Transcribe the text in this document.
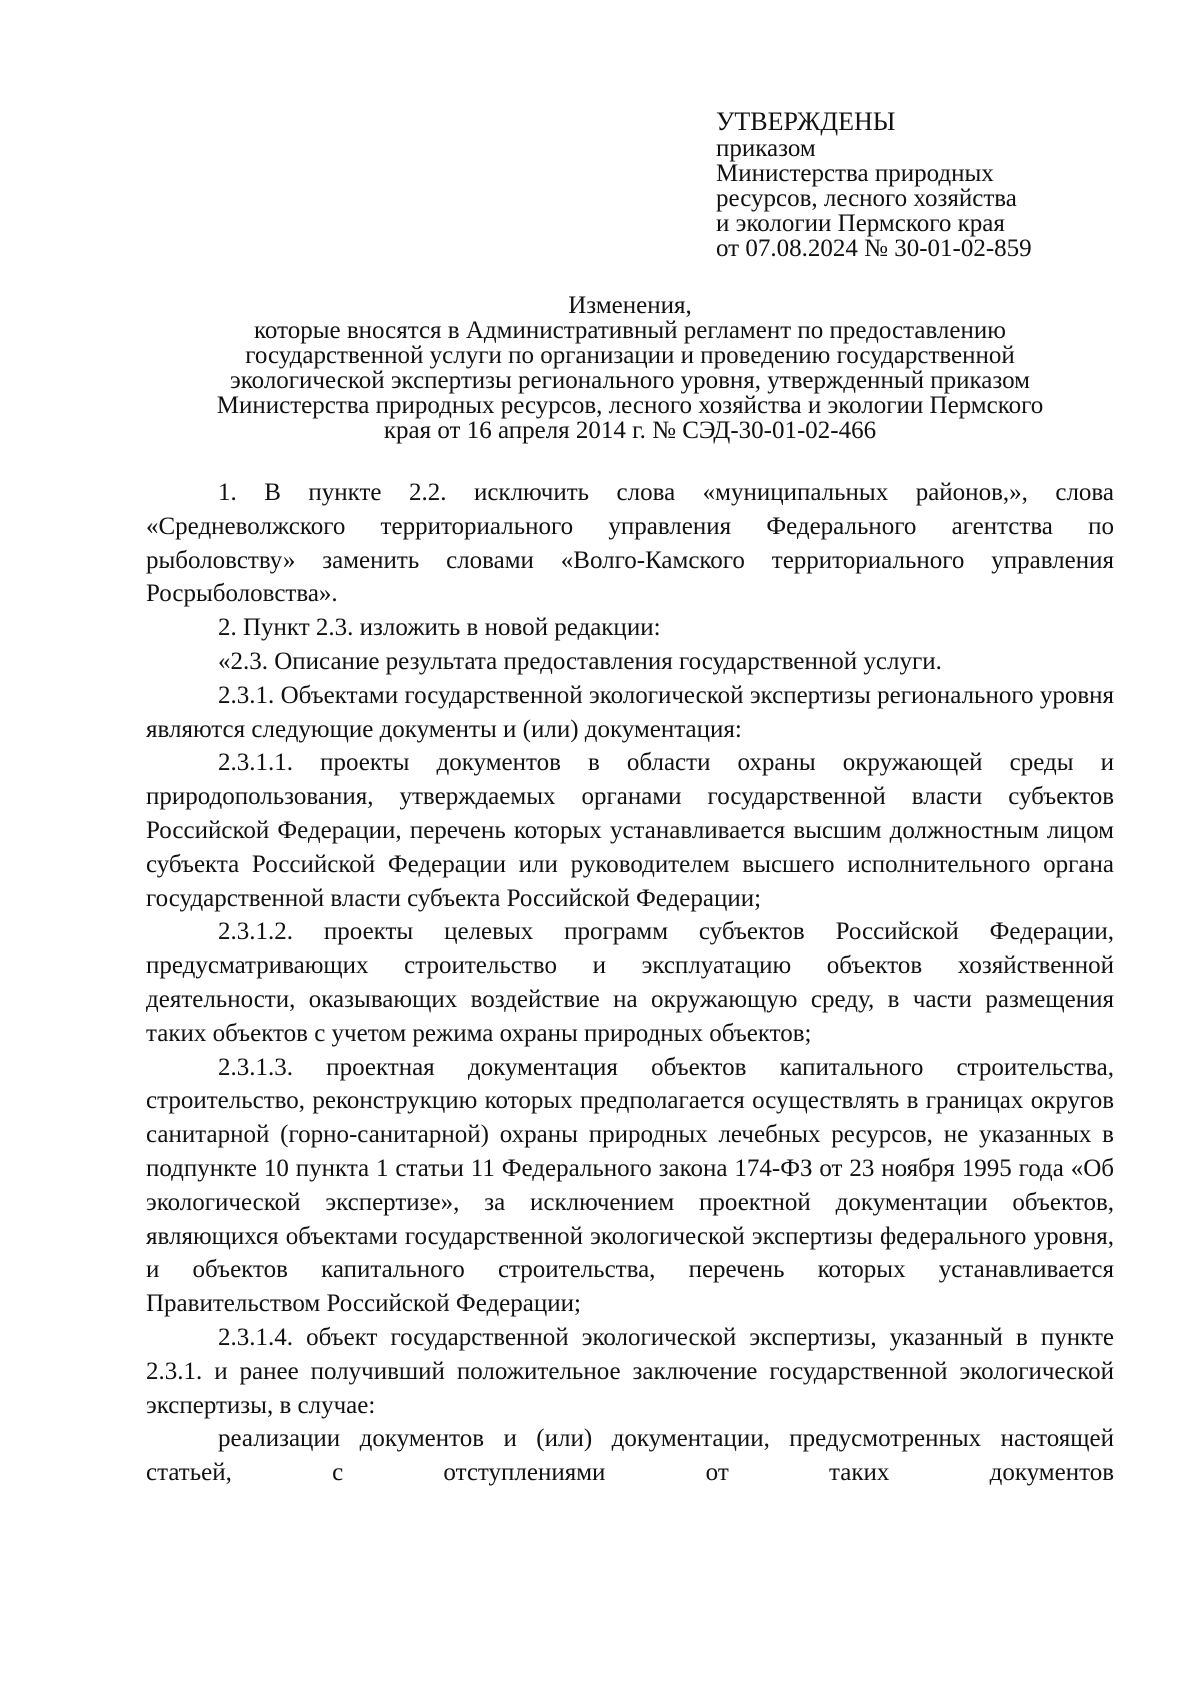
УТВЕРЖДЕНЫ
приказом
Министерства природных
ресурсов, лесного хозяйства
и экологии Пермского края
от 07.08.2024 № 30-01-02-859
Изменения,
которые вносятся в Административный регламент по предоставлению
государственной услуги по организации и проведению государственной
экологической экспертизы регионального уровня, утвержденный приказом
Министерства природных ресурсов, лесного хозяйства и экологии Пермского
края от 16 апреля 2014 г. № СЭД-30-01-02-466

1. В пункте 2.2. исключить слова «муниципальных районов,», слова «Средневолжского территориального управления Федерального агентства по рыболовству» заменить словами «Волго-Камского территориального управления Росрыболовства».

2. Пункт 2.3. изложить в новой редакции:

«2.3. Описание результата предоставления государственной услуги.

2.3.1. Объектами государственной экологической экспертизы регионального уровня являются следующие документы и (или) документация:

2.3.1.1. проекты документов в области охраны окружающей среды и природопользования, утверждаемых органами государственной власти субъектов Российской Федерации, перечень которых устанавливается высшим должностным лицом субъекта Российской Федерации или руководителем высшего исполнительного органа государственной власти субъекта Российской Федерации;

2.3.1.2. проекты целевых программ субъектов Российской Федерации, предусматривающих строительство и эксплуатацию объектов хозяйственной деятельности, оказывающих воздействие на окружающую среду, в части размещения таких объектов с учетом режима охраны природных объектов;

2.3.1.3. проектная документация объектов капитального строительства, строительство, реконструкцию которых предполагается осуществлять в границах округов санитарной (горно-санитарной) охраны природных лечебных ресурсов, не указанных в подпункте 10 пункта 1 статьи 11 Федерального закона 174-ФЗ от 23 ноября 1995 года «Об экологической экспертизе», за исключением проектной документации объектов, являющихся объектами государственной экологической экспертизы федерального уровня, и объектов капитального строительства, перечень которых устанавливается Правительством Российской Федерации;

2.3.1.4. объект государственной экологической экспертизы, указанный в пункте 2.3.1. и ранее получивший положительное заключение государственной экологической экспертизы, в случае:

реализации документов и (или) документации, предусмотренных настоящей статьей, с отступлениями от таких документов
